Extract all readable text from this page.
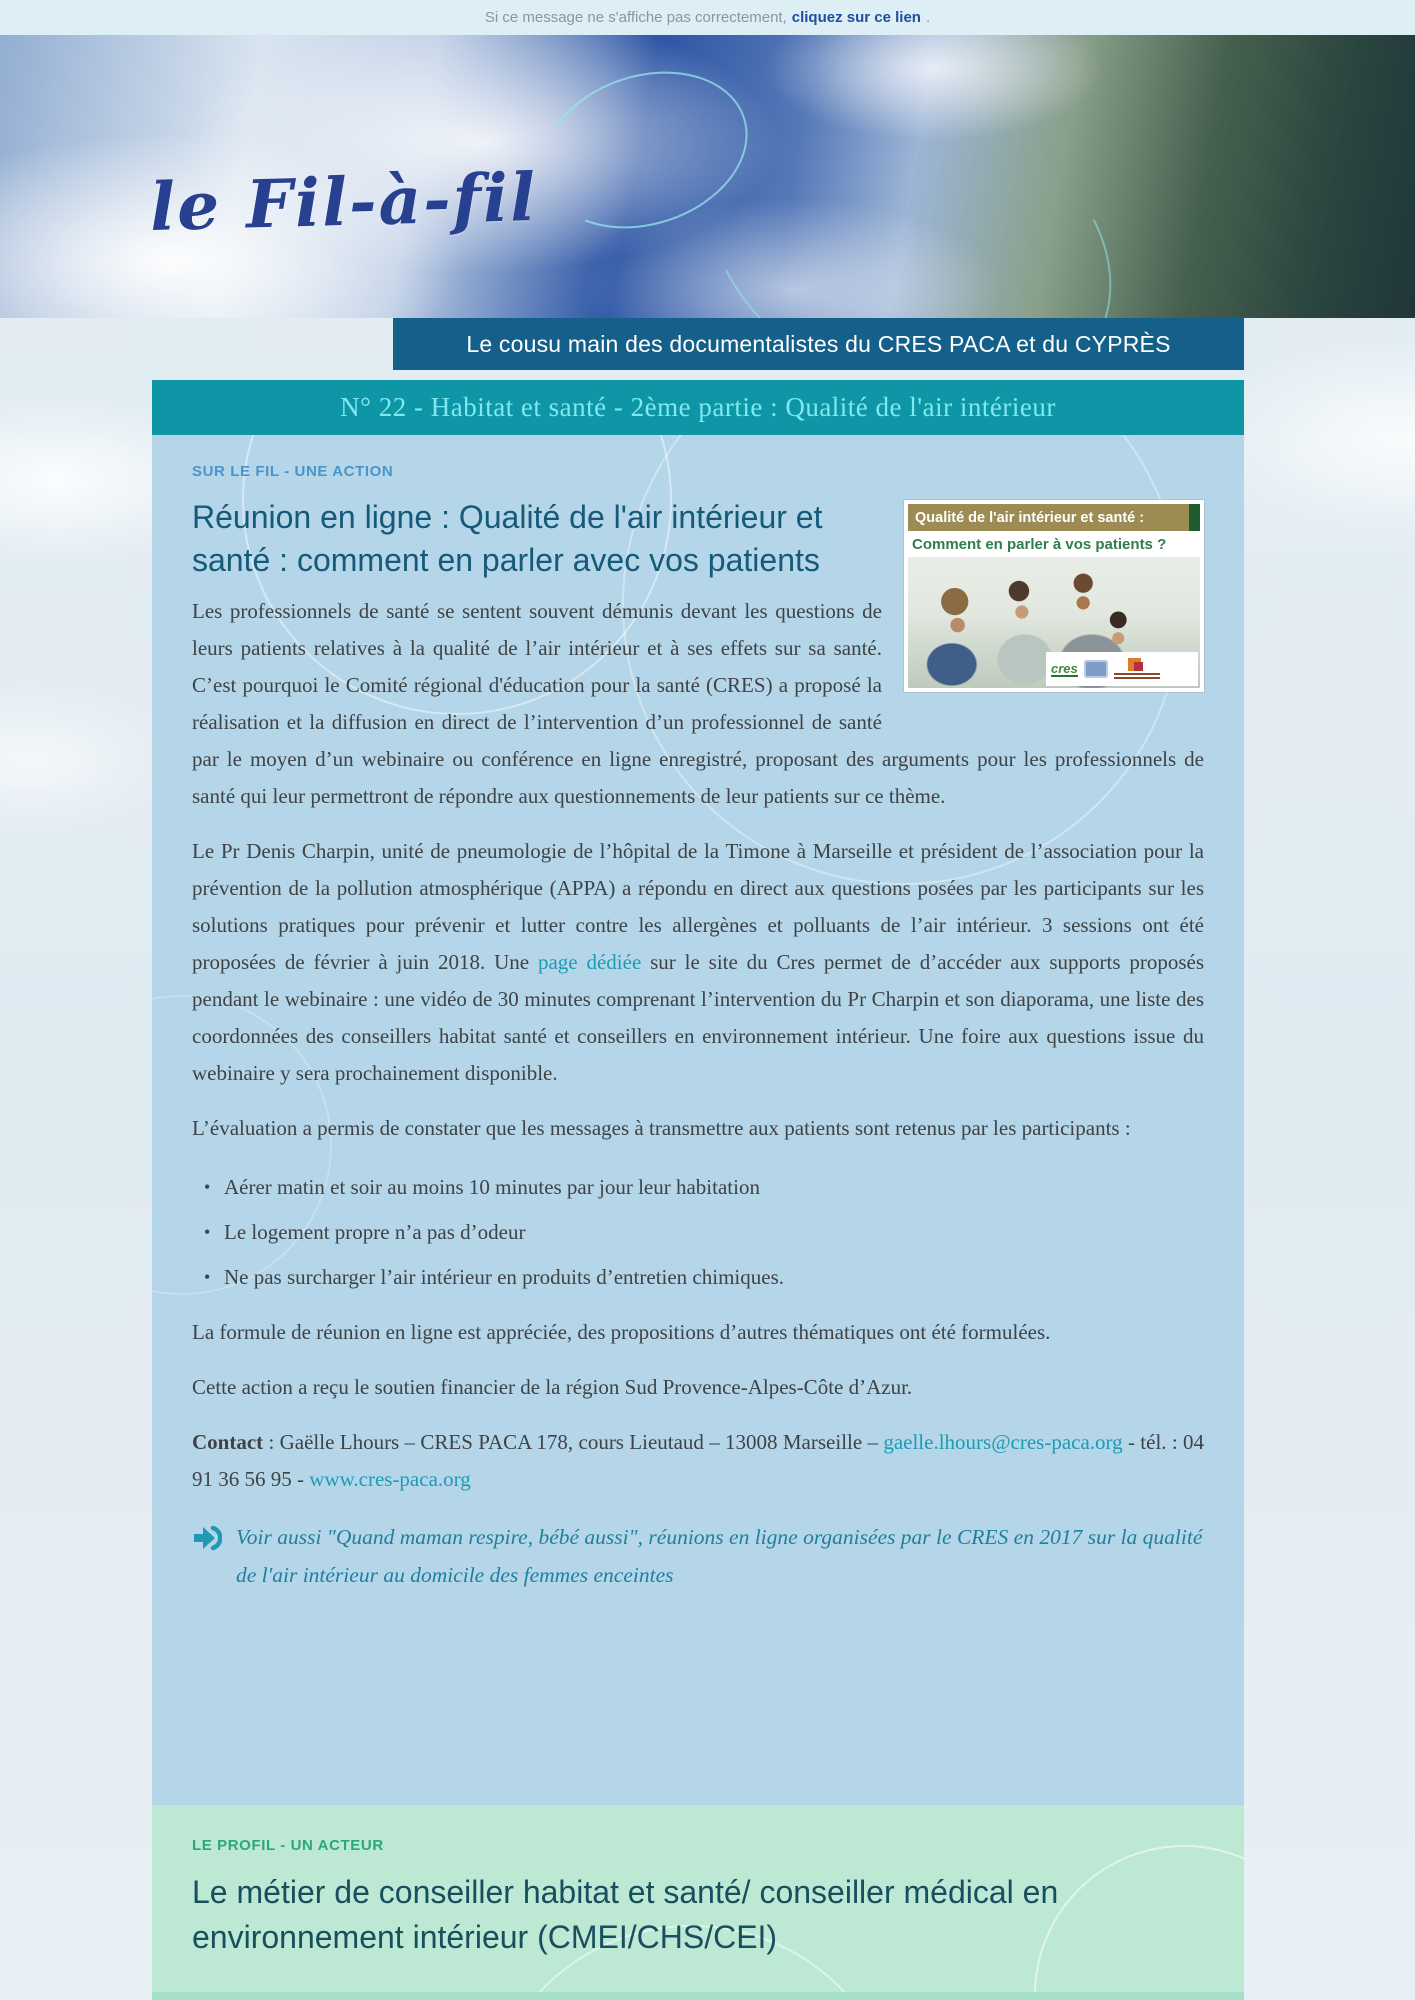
Si ce message ne s'affiche pas correctement, cliquez sur ce lien .
le Fil-à-fil
Le cousu main des documentalistes du CRES PACA et du CYPRÈS
N° 22 - Habitat et santé - 2ème partie : Qualité de l'air intérieur
SUR LE FIL - UNE ACTION
Qualité de l'air intérieur et santé :
Comment en parler à vos patients ?
cres
Réunion en ligne : Qualité de l'air intérieur et santé : comment en parler avec vos patients

Les professionnels de santé se sentent souvent démunis devant les questions de leurs patients relatives à la qualité de l’air intérieur et à ses effets sur sa santé. C’est pourquoi le Comité régional d'éducation pour la santé (CRES) a proposé la réalisation et la diffusion en direct de l’intervention d’un professionnel de santé par le moyen d’un webinaire ou conférence en ligne enregistré, proposant des arguments pour les professionnels de santé qui leur permettront de répondre aux questionnements de leur patients sur ce thème.

Le Pr Denis Charpin, unité de pneumologie de l’hôpital de la Timone à Marseille et président de l’association pour la prévention de la pollution atmosphérique (APPA) a répondu en direct aux questions posées par les participants sur les solutions pratiques pour prévenir et lutter contre les allergènes et polluants de l’air intérieur. 3 sessions ont été proposées de février à juin 2018. Une page dédiée sur le site du Cres permet de d’accéder aux supports proposés pendant le webinaire : une vidéo de 30 minutes comprenant l’intervention du Pr Charpin et son diaporama, une liste des coordonnées des conseillers habitat santé et conseillers en environnement intérieur. Une foire aux questions issue du webinaire y sera prochainement disponible.

L’évaluation a permis de constater que les messages à transmettre aux patients sont retenus par les participants :

• Aérer matin et soir au moins 10 minutes par jour leur habitation
• Le logement propre n’a pas d’odeur
• Ne pas surcharger l’air intérieur en produits d’entretien chimiques.

La formule de réunion en ligne est appréciée, des propositions d’autres thématiques ont été formulées.

Cette action a reçu le soutien financier de la région Sud Provence-Alpes-Côte d’Azur.

Contact : Gaëlle Lhours – CRES PACA 178, cours Lieutaud – 13008 Marseille – gaelle.lhours@cres-paca.org - tél. : 04 91 36 56 95 - www.cres-paca.org

Voir aussi "Quand maman respire, bébé aussi", réunions en ligne organisées par le CRES en 2017 sur la qualité de l'air intérieur au domicile des femmes enceintes
LE PROFIL - UN ACTEUR
Le métier de conseiller habitat et santé/ conseiller médical en environnement intérieur (CMEI/CHS/CEI)
